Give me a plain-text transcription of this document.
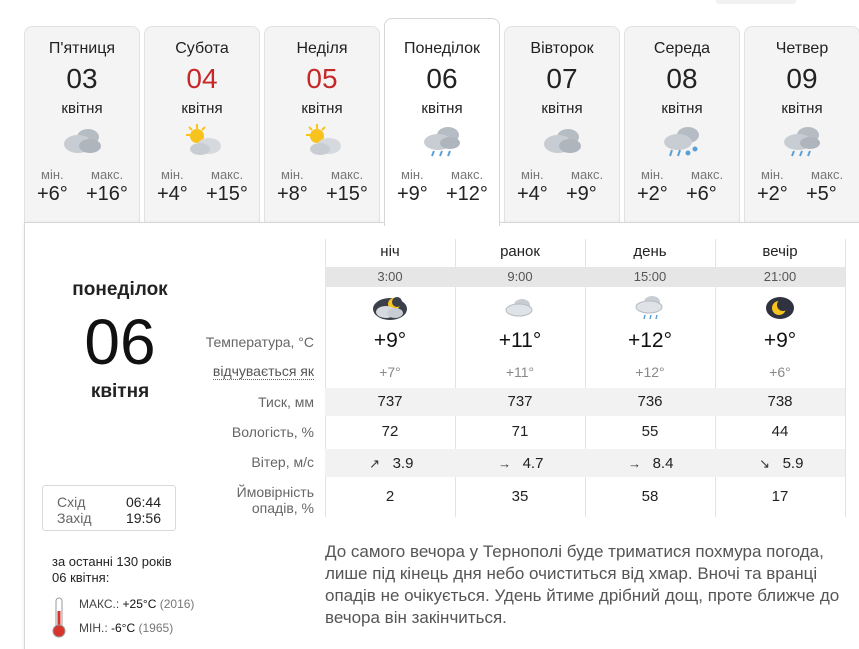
П'ятниця
03
квітня
мін. макс.
+6° +16°
Субота
04
квітня
мін. макс.
+4° +15°
Неділя
05
квітня
мін. макс.
+8° +15°
Понеділок
06
квітня
мін. макс.
+9° +12°
Вівторок
07
квітня
мін. макс.
+4° +9°
Середа
08
квітня
мін. макс.
+2° +6°
Четвер
09
квітня
мін. макс.
+2° +5°
понеділок
06
квітня
Схід	06:44
Захід 19:56
за останні 130 років
06 квітня:
МАКС.: +25°C (2016)
МІН.: -6°C (1965)
Температура, °С
відчувається як
Тиск, мм
Вологість, %
Вітер, м/с
Ймовірність
опадів, %
ніч
3:00
+9°
+7°
737
72
↗ 3.9
2
ранок
9:00
+11°
+11°
737
71
→ 4.7
35
день
15:00
+12°
+12°
736
55
→ 8.4
58
вечір
21:00
+9°
+6°
738
44
↘ 5.9
17
До самого вечора у Тернополі буде триматися похмура погода, лише під кінець дня небо очиститься від хмар. Вночі та вранці опадів не очікується. Удень йтиме дрібний дощ, проте ближче до вечора він закінчиться.
